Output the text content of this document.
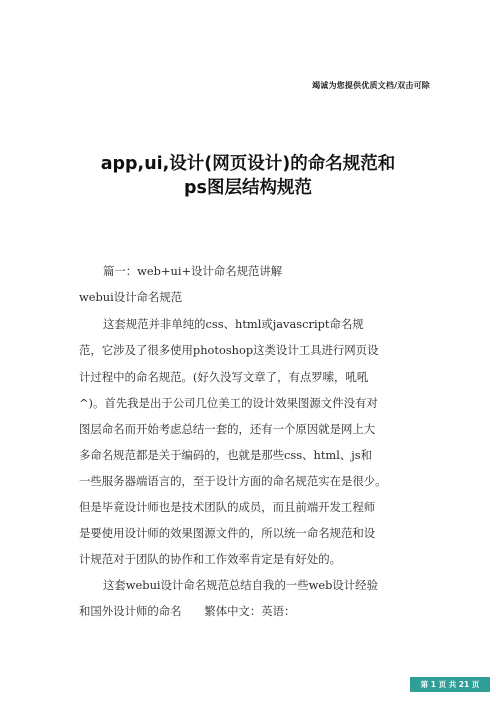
竭诚为您提供优质文档/双击可除
app,ui,设计(网页设计)的命名规范和
ps图层结构规范
篇一：web+ui+设计命名规范讲解
webui设计命名规范
这套规范并非单纯的css、html或javascript命名规
范，它涉及了很多使用photoshop这类设计工具进行网页设
计过程中的命名规范。(好久没写文章了，有点罗嗦，吼吼
^)。首先我是出于公司几位美工的设计效果图源文件没有对
图层命名而开始考虑总结一套的，还有一个原因就是网上大
多命名规范都是关于编码的，也就是那些css、html、js和
一些服务器端语言的，至于设计方面的命名规范实在是很少。
但是毕竟设计师也是技术团队的成员，而且前端开发工程师
是要使用设计师的效果图源文件的，所以统一命名规范和设
计规范对于团队的协作和工作效率肯定是有好处的。
这套webui设计命名规范总结自我的一些web设计经验
和国外设计师的命名　　繁体中文：英语：
第 1 页 共 21 页
